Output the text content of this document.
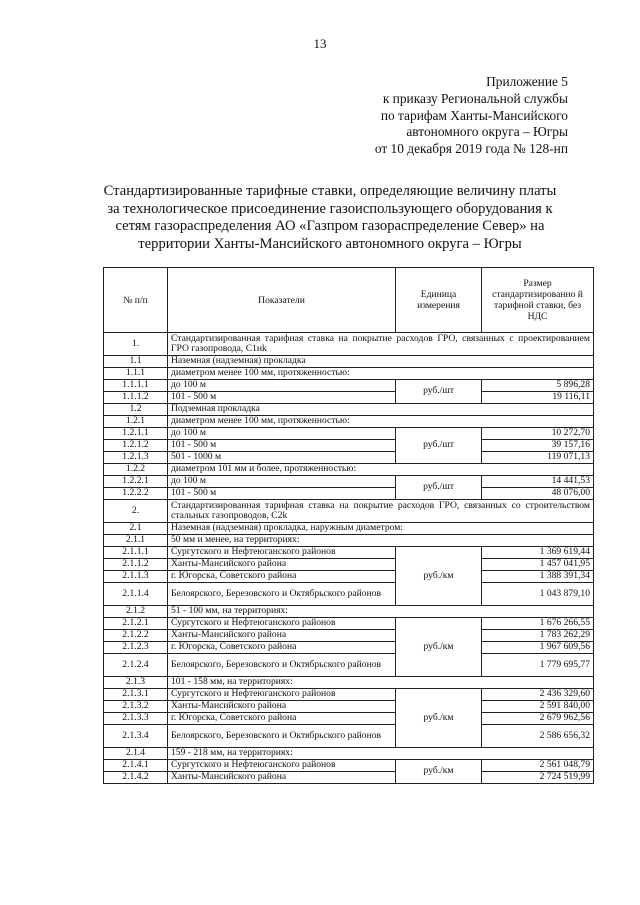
13
Приложение 5
к приказу Региональной службы
по тарифам Ханты-Мансийского
автономного округа – Югры
от 10 декабря 2019 года № 128-нп
Стандартизированные тарифные ставки, определяющие величину платы
за технологическое присоединение газоиспользующего оборудования к
сетям газораспределения АО «Газпром газораспределение Север» на
территории Ханты-Мансийского автономного округа – Югры
№ п/п	Показатели	Единица измерения	Размер стандартизированно й тарифной ставки, без НДС
1.	Стандартизированная тарифная ставка на покрытие расходов ГРО, связанных с проектированием ГРО газопровода, С1нk		
1.1	Наземная (надземная) прокладка		
1.1.1	диаметром менее 100 мм, протяженностью:		
1.1.1.1	до 100 м	руб./шт	5 896,28
1.1.1.2	101 - 500 м		19 116,11
1.2	Подземная прокладка		
1.2.1	диаметром менее 100 мм, протяженностью:		
1.2.1.1	до 100 м	руб./шт	10 272,70
1.2.1.2	101 - 500 м		39 157,16
1.2.1.3	501 - 1000 м		119 071,13
1.2.2	диаметром 101 мм и более, протяженностью:		
1.2.2.1	до 100 м	руб./шт	14 441,53
1.2.2.2	101 - 500 м		48 076,00
2.	Стандартизированная тарифная ставка на покрытие расходов ГРО, связанных со строительством стальных газопроводов, С2k		
2.1	Наземная (надземная) прокладка, наружным диаметром:		
2.1.1	50 мм и менее, на территориях:		
2.1.1.1	Сургутского и Нефтеюганского районов	руб./км	1 369 619,44
2.1.1.2	Ханты-Мансийского района		1 457 041,95
2.1.1.3	г. Югорска, Советского района		1 388 391,34
2.1.1.4	Белоярского, Березовского и Октябрьского районов		1 043 879,10
2.1.2	51 - 100 мм, на территориях:		
2.1.2.1	Сургутского и Нефтеюганского районов	руб./км	1 676 266,55
2.1.2.2	Ханты-Мансийского района		1 783 262,29
2.1.2.3	г. Югорска, Советского района		1 967 609,56
2.1.2.4	Белоярского, Березовского и Октябрьского районов		1 779 695,77
2.1.3	101 - 158 мм, на территориях:		
2.1.3.1	Сургутского и Нефтеюганского районов	руб./км	2 436 329,60
2.1.3.2	Ханты-Мансийского района		2 591 840,00
2.1.3.3	г. Югорска, Советского района		2 679 962,56
2.1.3.4	Белоярского, Березовского и Октябрьского районов		2 586 656,32
2.1.4	159 - 218 мм, на территориях:		
2.1.4.1	Сургутского и Нефтеюганского районов	руб./км	2 561 048,79
2.1.4.2	Ханты-Мансийского района		2 724 519,99
